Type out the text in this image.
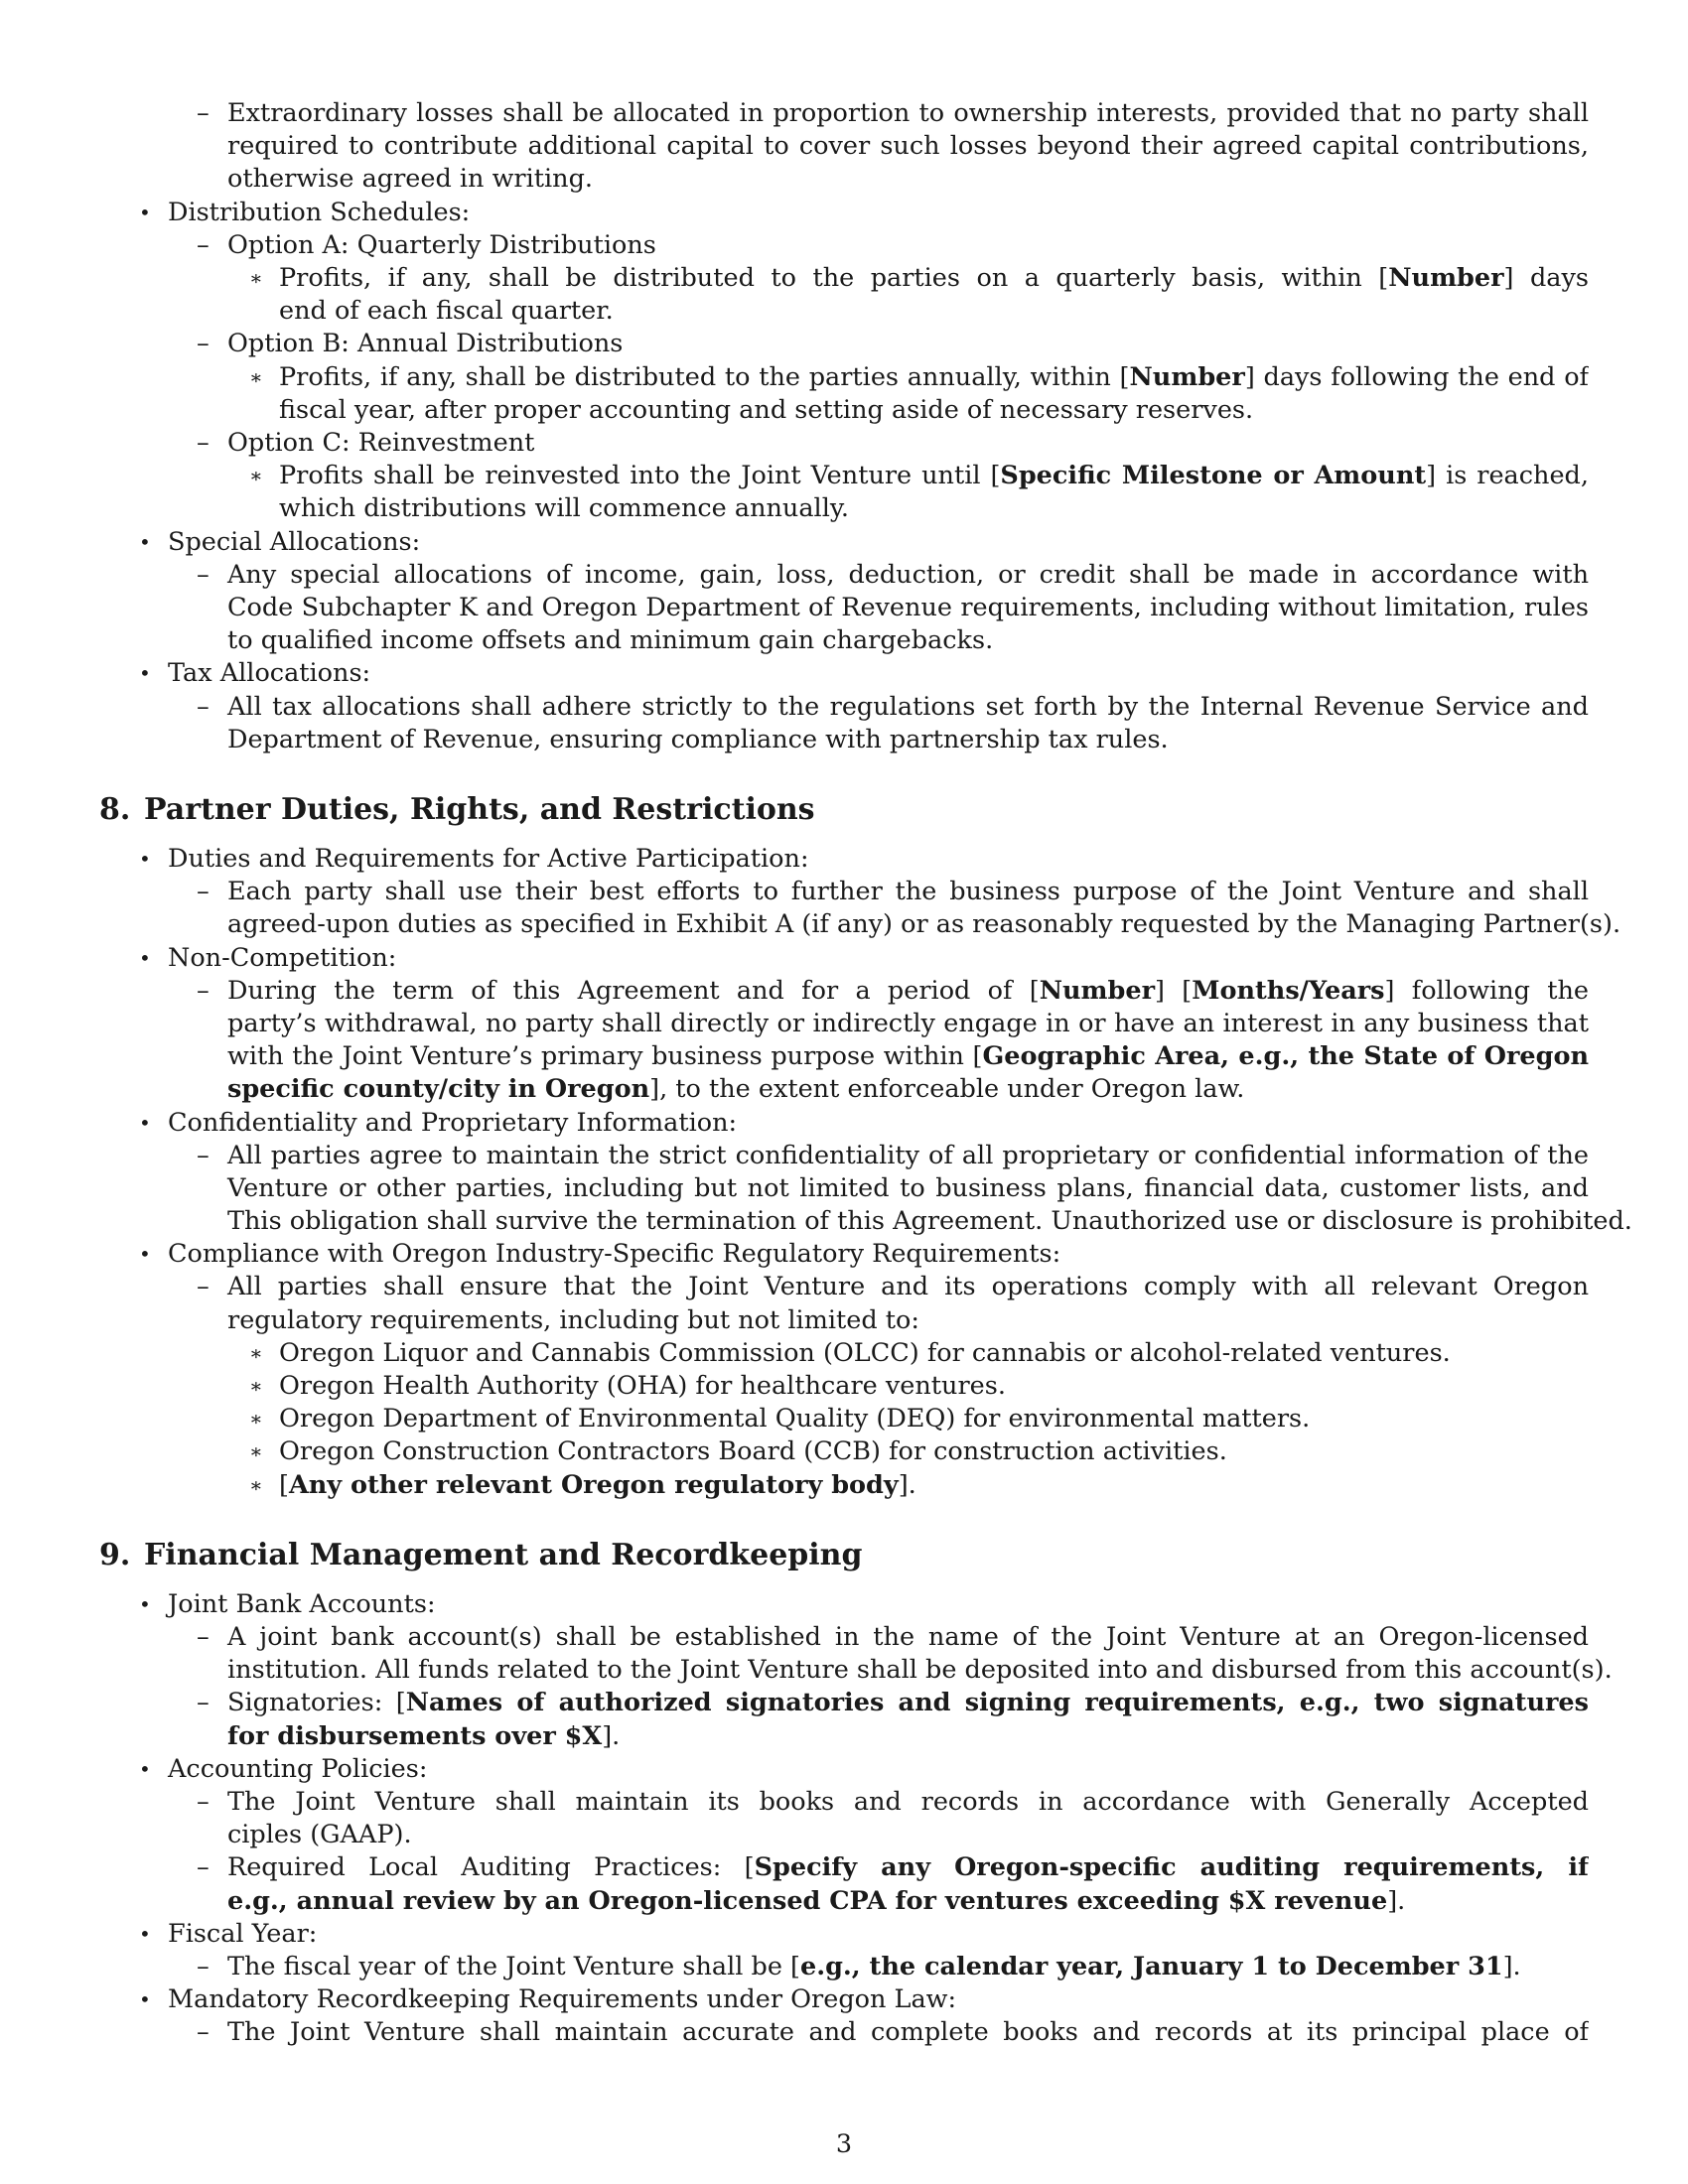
– Extraordinary losses shall be allocated in proportion to ownership interests, provided that no party shall
required to contribute additional capital to cover such losses beyond their agreed capital contributions,
otherwise agreed in writing.
• Distribution Schedules:
– Option A: Quarterly Distributions
∗ Profits, if any, shall be distributed to the parties on a quarterly basis, within [Number] days
end of each fiscal quarter.
– Option B: Annual Distributions
∗ Profits, if any, shall be distributed to the parties annually, within [Number] days following the end of
fiscal year, after proper accounting and setting aside of necessary reserves.
– Option C: Reinvestment
∗ Profits shall be reinvested into the Joint Venture until [Specific Milestone or Amount] is reached,
which distributions will commence annually.
• Special Allocations:
– Any special allocations of income, gain, loss, deduction, or credit shall be made in accordance with
Code Subchapter K and Oregon Department of Revenue requirements, including without limitation, rules
to qualified income offsets and minimum gain chargebacks.
• Tax Allocations:
– All tax allocations shall adhere strictly to the regulations set forth by the Internal Revenue Service and
Department of Revenue, ensuring compliance with partnership tax rules.
8. Partner Duties, Rights, and Restrictions
• Duties and Requirements for Active Participation:
– Each party shall use their best efforts to further the business purpose of the Joint Venture and shall
agreed-upon duties as specified in Exhibit A (if any) or as reasonably requested by the Managing Partner(s).
• Non-Competition:
– During the term of this Agreement and for a period of [Number] [Months/Years] following the
party’s withdrawal, no party shall directly or indirectly engage in or have an interest in any business that
with the Joint Venture’s primary business purpose within [Geographic Area, e.g., the State of Oregon
specific county/city in Oregon], to the extent enforceable under Oregon law.
• Confidentiality and Proprietary Information:
– All parties agree to maintain the strict confidentiality of all proprietary or confidential information of the
Venture or other parties, including but not limited to business plans, financial data, customer lists, and
This obligation shall survive the termination of this Agreement. Unauthorized use or disclosure is prohibited.
• Compliance with Oregon Industry-Specific Regulatory Requirements:
– All parties shall ensure that the Joint Venture and its operations comply with all relevant Oregon
regulatory requirements, including but not limited to:
∗ Oregon Liquor and Cannabis Commission (OLCC) for cannabis or alcohol-related ventures.
∗ Oregon Health Authority (OHA) for healthcare ventures.
∗ Oregon Department of Environmental Quality (DEQ) for environmental matters.
∗ Oregon Construction Contractors Board (CCB) for construction activities.
∗ [Any other relevant Oregon regulatory body].
9. Financial Management and Recordkeeping
• Joint Bank Accounts:
– A joint bank account(s) shall be established in the name of the Joint Venture at an Oregon-licensed
institution. All funds related to the Joint Venture shall be deposited into and disbursed from this account(s).
– Signatories: [Names of authorized signatories and signing requirements, e.g., two signatures
for disbursements over $X].
• Accounting Policies:
– The Joint Venture shall maintain its books and records in accordance with Generally Accepted
ciples (GAAP).
– Required Local Auditing Practices: [Specify any Oregon-specific auditing requirements, if
e.g., annual review by an Oregon-licensed CPA for ventures exceeding $X revenue].
• Fiscal Year:
– The fiscal year of the Joint Venture shall be [e.g., the calendar year, January 1 to December 31].
• Mandatory Recordkeeping Requirements under Oregon Law:
– The Joint Venture shall maintain accurate and complete books and records at its principal place of
3
